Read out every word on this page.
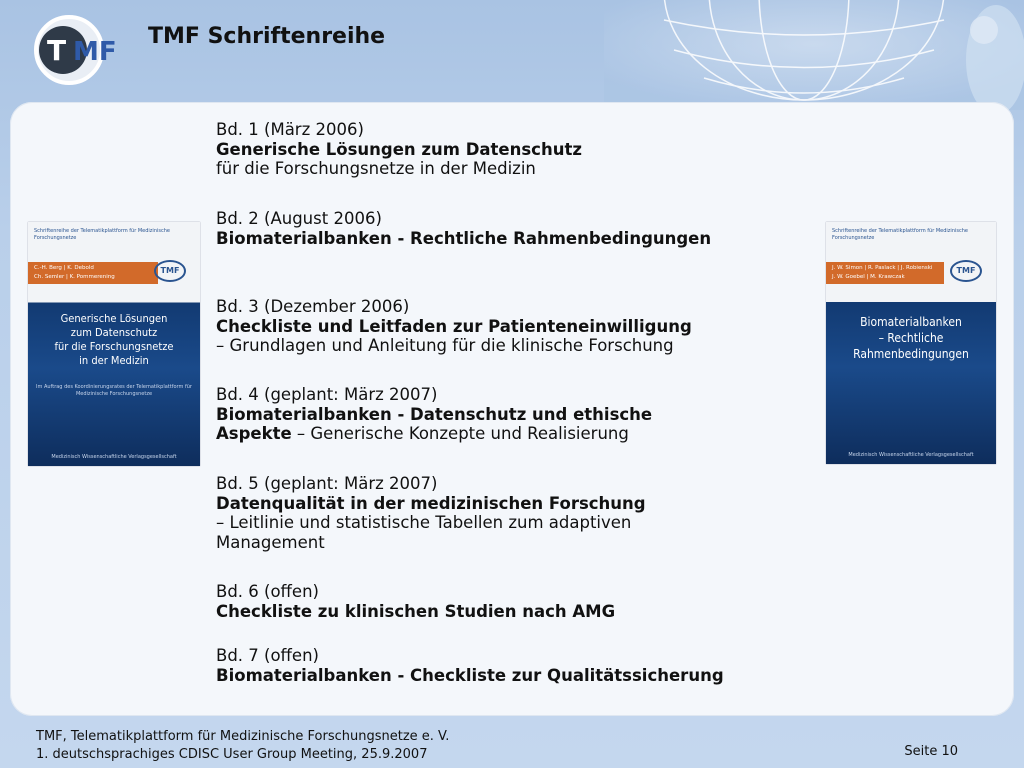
T MF
TMF Schriftenreihe
Schriftenreihe der Telematikplattform für Medizinische Forschungsnetze
C.-H. Berg | K. Debold
Ch. Semler | K. Pommerening
TMF
Generische Lösungen
zum Datenschutz
für die Forschungsnetze
in der Medizin
Im Auftrag des Koordinierungsrates der Telematikplattform für Medizinische Forschungsnetze
Medizinisch Wissenschaftliche Verlagsgesellschaft
Schriftenreihe der Telematikplattform für Medizinische Forschungsnetze
J. W. Simon | R. Paslack | J. Robienski
J. W. Goebel | M. Krawczak
TMF
Biomaterialbanken
– Rechtliche
Rahmenbedingungen
Medizinisch Wissenschaftliche Verlagsgesellschaft
Bd. 1 (März 2006)
Generische Lösungen zum Datenschutz
für die Forschungsnetze in der Medizin
Bd. 2 (August 2006)
Biomaterialbanken - Rechtliche Rahmenbedingungen
Bd. 3 (Dezember 2006)
Checkliste und Leitfaden zur Patienteneinwilligung
– Grundlagen und Anleitung für die klinische Forschung
Bd. 4 (geplant: März 2007)
Biomaterialbanken - Datenschutz und ethische
Aspekte – Generische Konzepte und Realisierung
Bd. 5 (geplant: März 2007)
Datenqualität in der medizinischen Forschung
– Leitlinie und statistische Tabellen zum adaptiven
Management
Bd. 6 (offen)
Checkliste zu klinischen Studien nach AMG
Bd. 7 (offen)
Biomaterialbanken - Checkliste zur Qualitätssicherung
TMF, Telematikplattform für Medizinische Forschungsnetze e. V.
1. deutschsprachiges CDISC User Group Meeting, 25.9.2007	Seite 10
